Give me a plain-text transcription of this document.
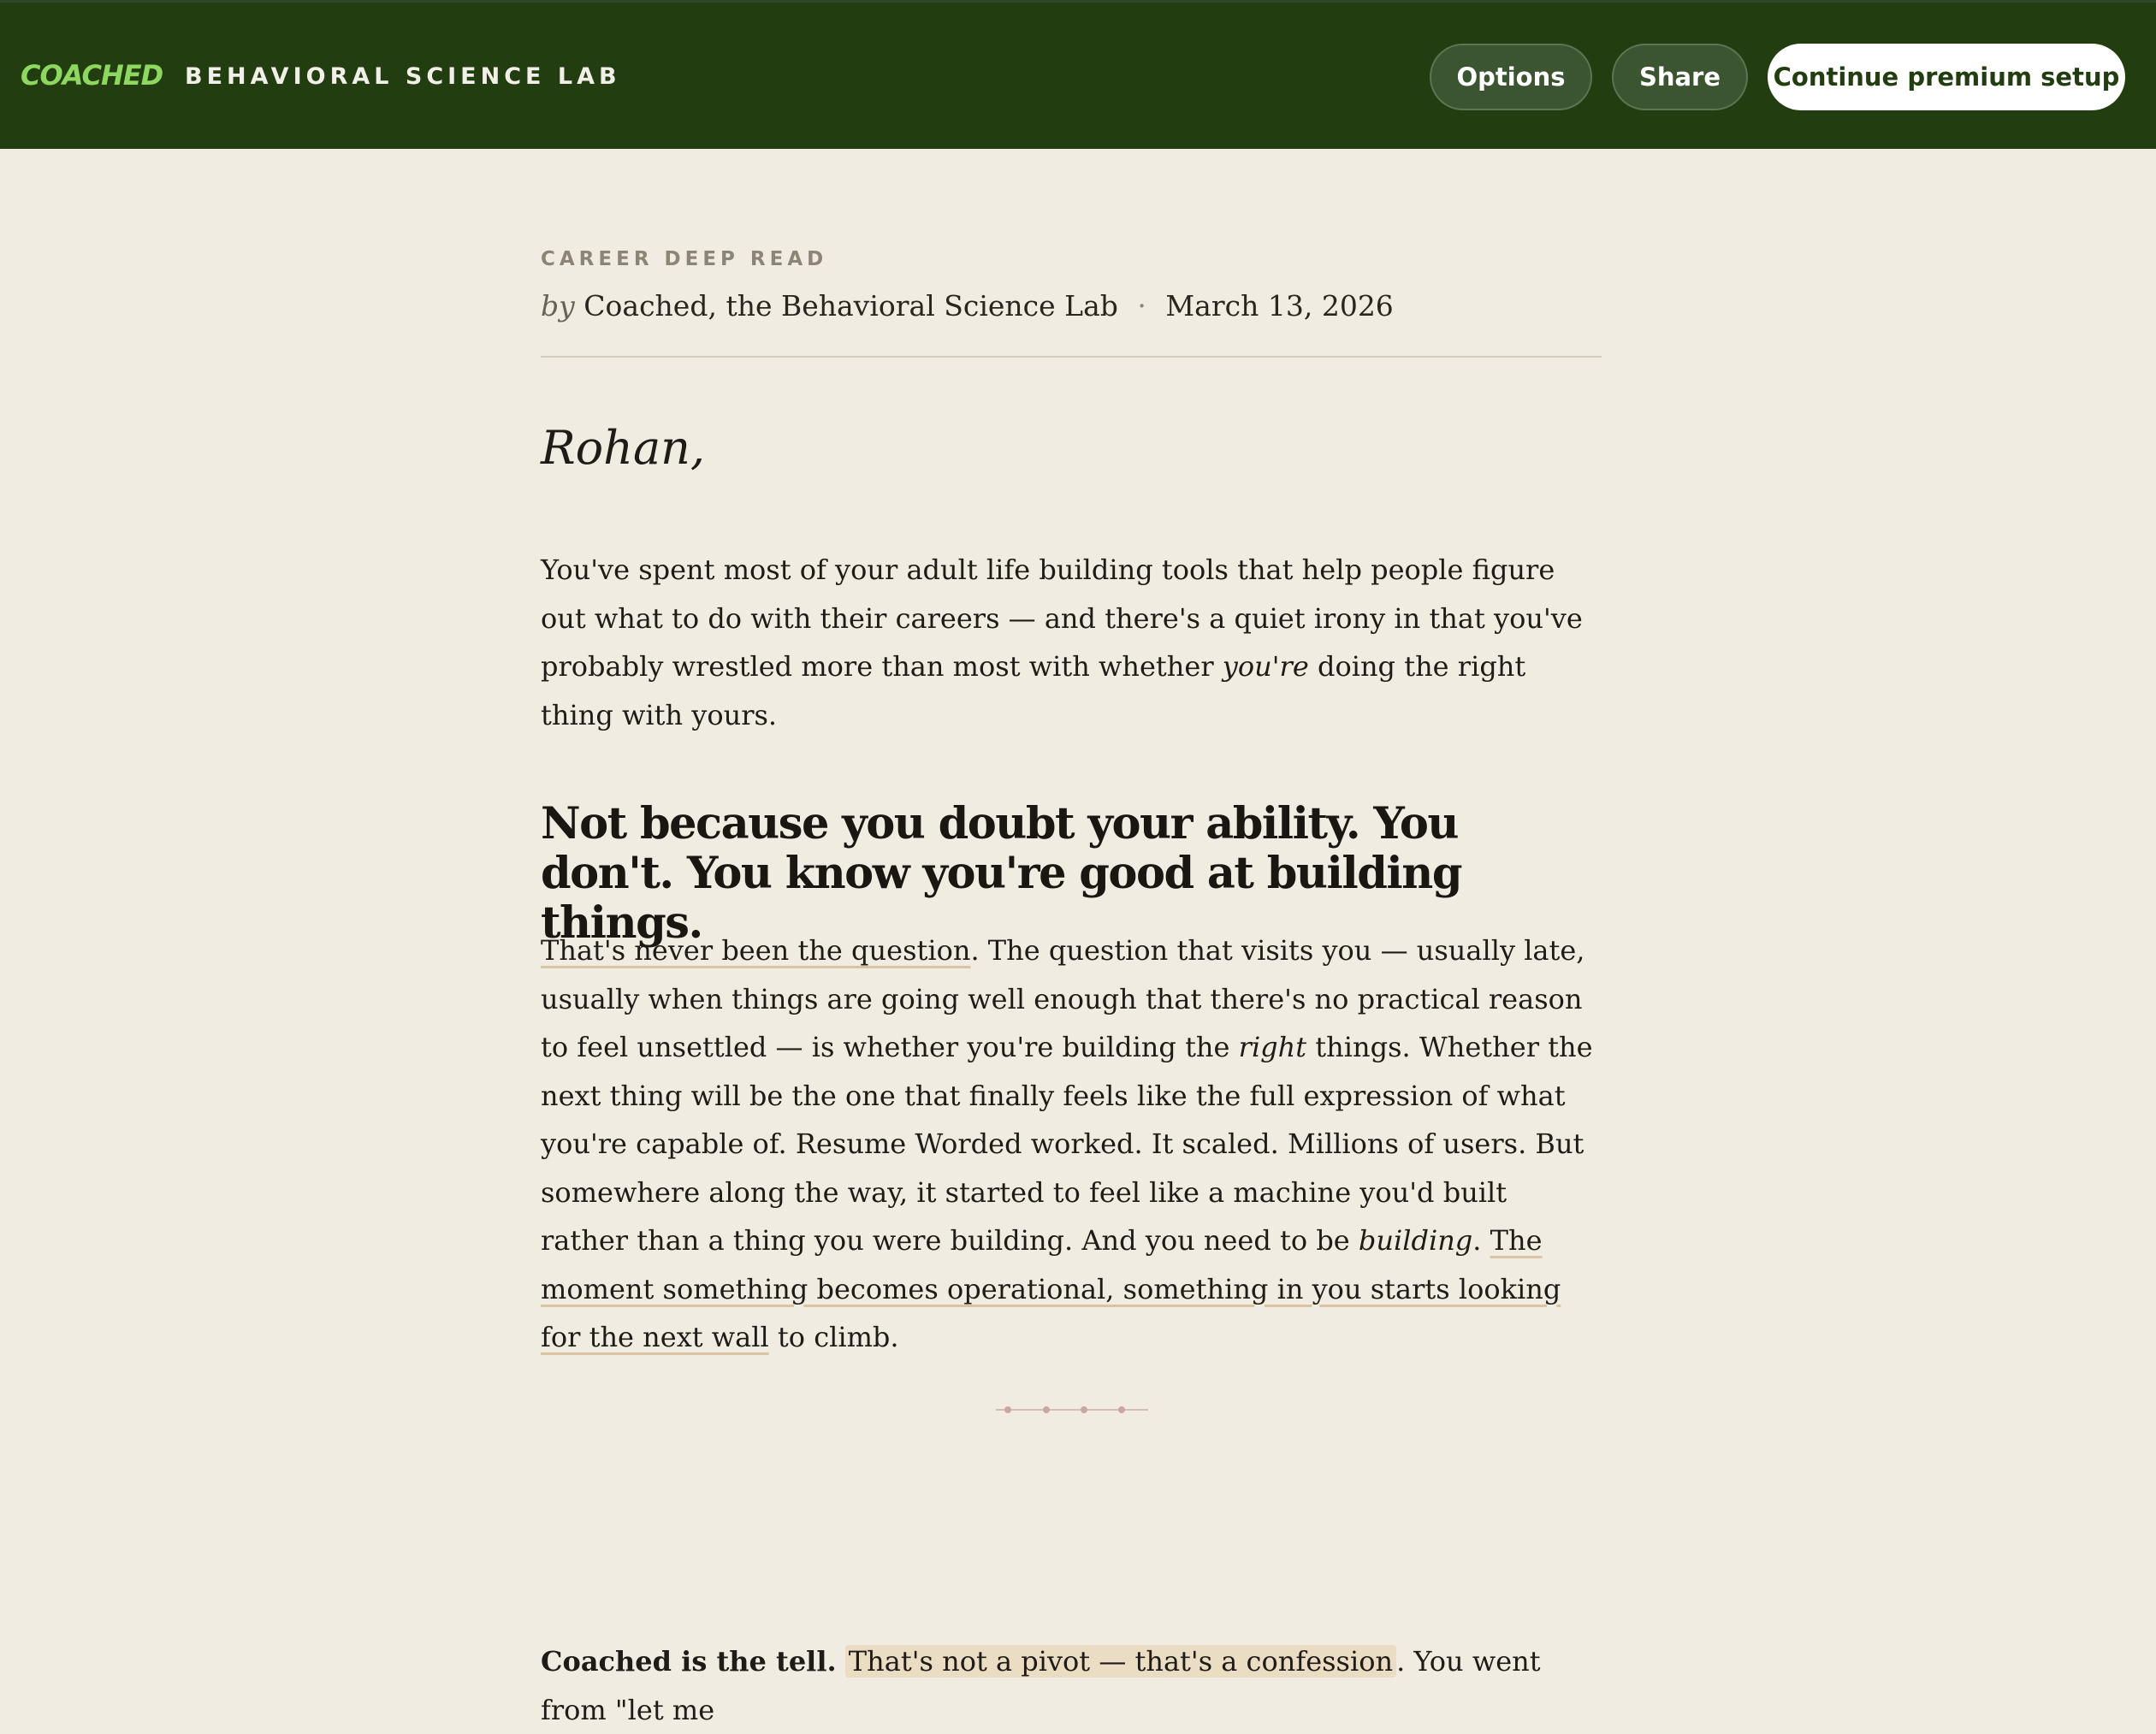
COACHED BEHAVIORAL SCIENCE LAB	Options	Share	Continue premium setup
CAREER DEEP READ
by Coached, the Behavioral Science Lab · March 13, 2026
Rohan,

You've spent most of your adult life building tools that help people figure out what to do with their careers — and there's a quiet irony in that you've probably wrestled more than most with whether you're doing the right thing with yours.

Not because you doubt your ability. You don't. You know you're good at building things.

That's never been the question. The question that visits you — usually late, usually when things are going well enough that there's no practical reason to feel unsettled — is whether you're building the right things. Whether the next thing will be the one that finally feels like the full expression of what you're capable of. Resume Worded worked. It scaled. Millions of users. But somewhere along the way, it started to feel like a machine you'd built rather than a thing you were building. And you need to be building. The moment something becomes operational, something in you starts looking for the next wall to climb.

Coached is the tell. That's not a pivot — that's a confession . You went from "let me
